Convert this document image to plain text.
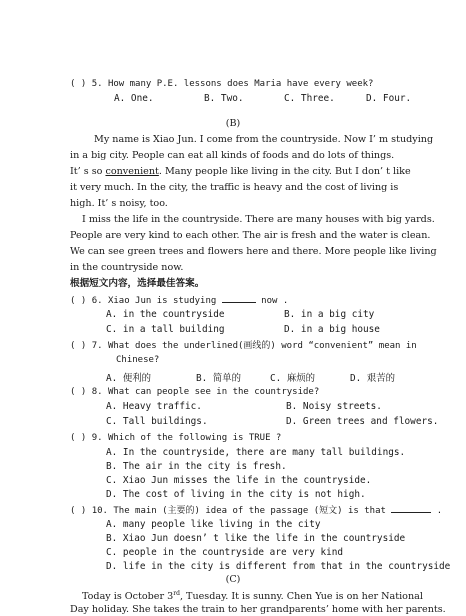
( ) 5. How many P.E. lessons does Maria have every week?
A. One.	B. Two.	C. Three.	D. Four.
(B)
My name is Xiao Jun. I come from the countryside. Now I’ m studying
in a big city. People can eat all kinds of foods and do lots of things.
It’ s so convenient. Many people like living in the city. But I don’ t like
it very much. In the city, the traffic is heavy and the cost of living is
high. It’ s noisy, too.
I miss the life in the countryside. There are many houses with big yards.
People are very kind to each other. The air is fresh and the water is clean.
We can see green trees and flowers here and there. More people like living
in the countryside now.
根据短文内容，选择最佳答案。
( ) 6. Xiao Jun is studying	now .
A. in the countryside	B. in a big city
C. in a tall building	D. in a big house
( ) 7. What does the underlined(画线的) word “convenient” mean in
Chinese?
A. 便利的	B. 简单的	C. 麻烦的	D. 艰苦的
( ) 8. What can people see in the countryside?
A. Heavy traffic.	B. Noisy streets.
C. Tall buildings.	D. Green trees and flowers.
( ) 9. Which of the following is TRUE ?
A. In the countryside, there are many tall buildings.
B. The air in the city is fresh.
C. Xiao Jun misses the life in the countryside.
D. The cost of living in the city is not high.
( ) 10. The main (主要的) idea of the passage (短文) is that	.
A. many people like living in the city
B. Xiao Jun doesn’ t like the life in the countryside
C. people in the countryside are very kind
D. life in the city is different from that in the countryside
(C)
Today is October 3rd, Tuesday. It is sunny. Chen Yue is on her National
Day holiday. She takes the train to her grandparents’ home with her parents.
